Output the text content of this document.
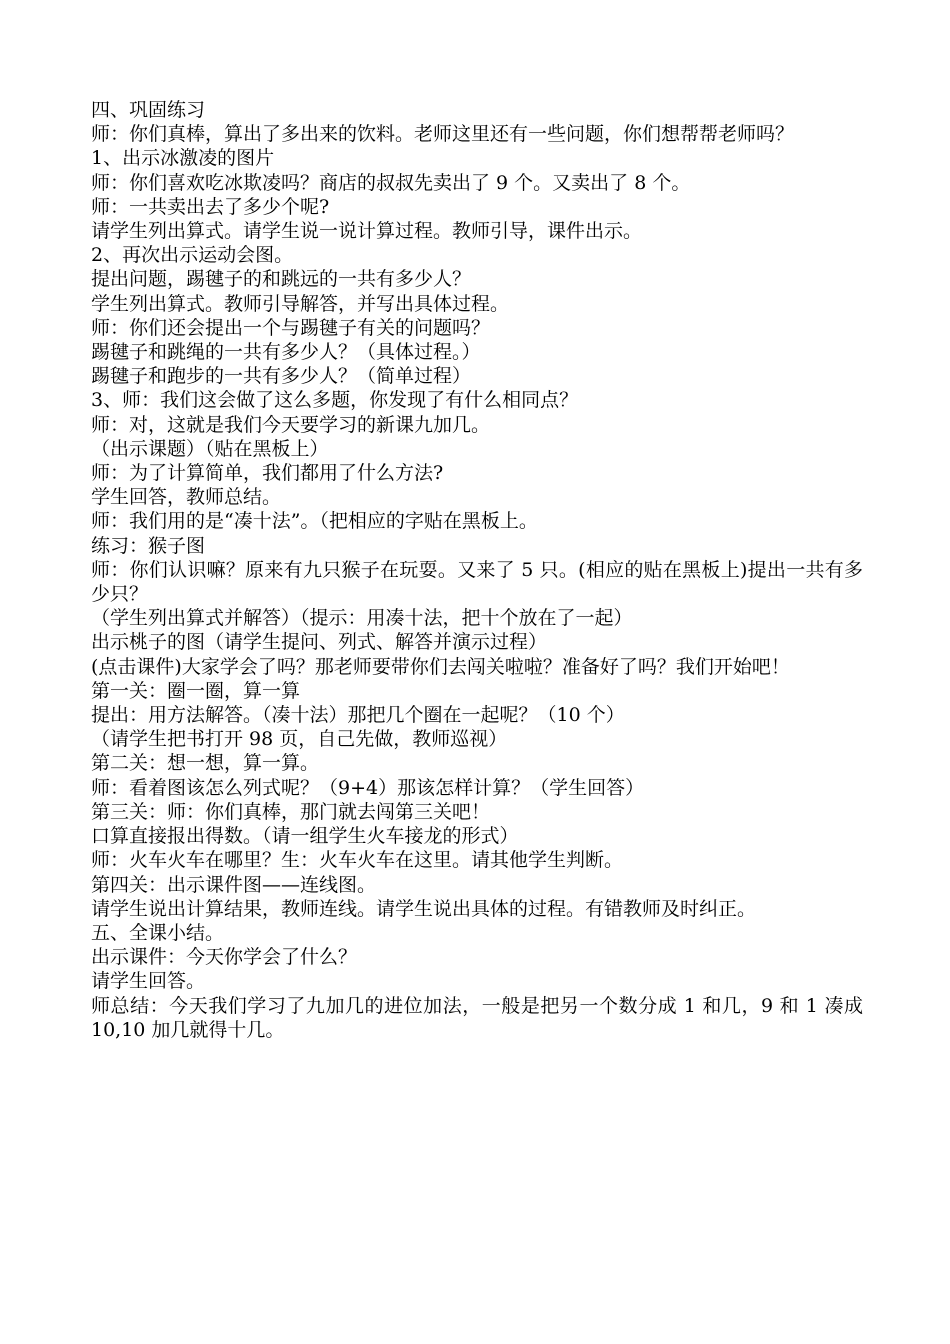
四、巩固练习
师：你们真棒，算出了多出来的饮料。老师这里还有一些问题，你们想帮帮老师吗？
1、出示冰激凌的图片
师：你们喜欢吃冰欺凌吗？商店的叔叔先卖出了 9 个。又卖出了 8 个。
师：一共卖出去了多少个呢?
请学生列出算式。请学生说一说计算过程。教师引导，课件出示。
2、再次出示运动会图。
提出问题，踢毽子的和跳远的一共有多少人？
学生列出算式。教师引导解答，并写出具体过程。
师：你们还会提出一个与踢毽子有关的问题吗？
踢毽子和跳绳的一共有多少人？（具体过程。）
踢毽子和跑步的一共有多少人？（简单过程）
3、师：我们这会做了这么多题，你发现了有什么相同点？
师：对，这就是我们今天要学习的新课九加几。
（出示课题）（贴在黑板上）
师：为了计算简单，我们都用了什么方法?
学生回答，教师总结。
师：我们用的是“凑十法”。（把相应的字贴在黑板上。
练习：猴子图
师：你们认识嘛？原来有九只猴子在玩耍。又来了 5 只。(相应的贴在黑板上)提出一共有多少只？
（学生列出算式并解答）（提示：用凑十法，把十个放在了一起）
出示桃子的图（请学生提问、列式、解答并演示过程）
(点击课件)大家学会了吗？那老师要带你们去闯关啦啦？准备好了吗？我们开始吧！
第一关：圈一圈，算一算
提出：用方法解答。（凑十法）那把几个圈在一起呢？（10 个）
（请学生把书打开 98 页，自己先做，教师巡视）
第二关：想一想，算一算。
师：看着图该怎么列式呢？（9+4）那该怎样计算？（学生回答）
第三关：师：你们真棒，那门就去闯第三关吧！
口算直接报出得数。（请一组学生火车接龙的形式）
师：火车火车在哪里？生：火车火车在这里。请其他学生判断。
第四关：出示课件图——连线图。
请学生说出计算结果，教师连线。请学生说出具体的过程。有错教师及时纠正。
五、全课小结。
出示课件：今天你学会了什么？
请学生回答。
师总结：今天我们学习了九加几的进位加法，一般是把另一个数分成 1 和几，9 和 1 凑成 10,10 加几就得十几。
